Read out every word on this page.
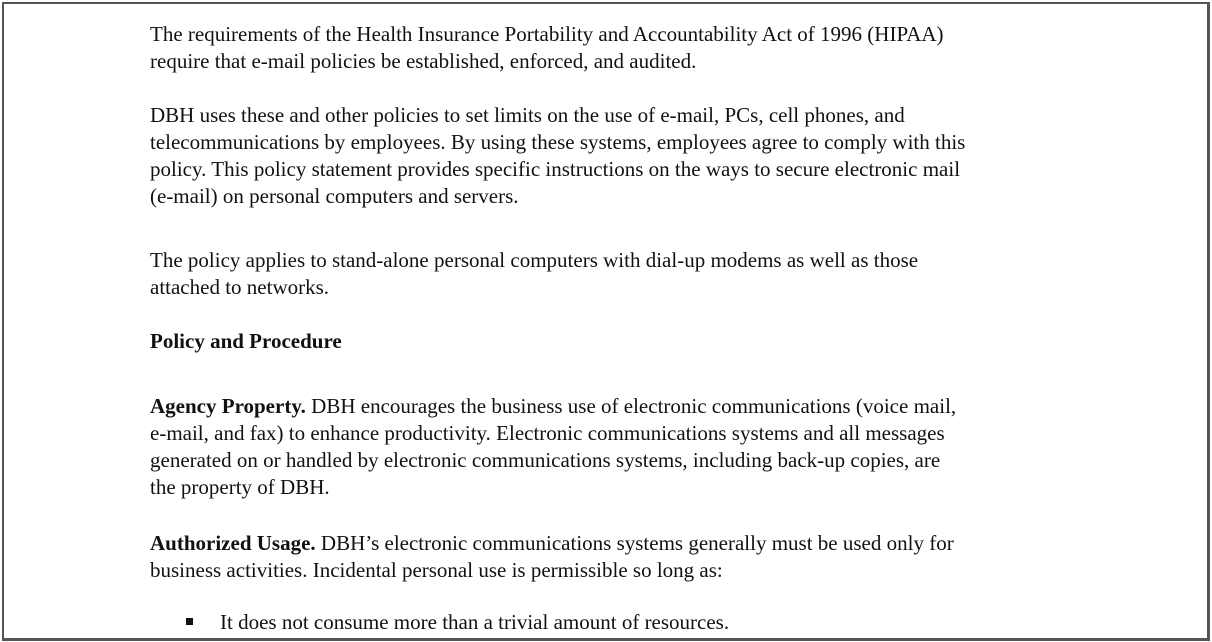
The requirements of the Health Insurance Portability and Accountability Act of 1996 (HIPAA)
require that e-mail policies be established, enforced, and audited.

DBH uses these and other policies to set limits on the use of e-mail, PCs, cell phones, and
telecommunications by employees. By using these systems, employees agree to comply with this
policy. This policy statement provides specific instructions on the ways to secure electronic mail
(e-mail) on personal computers and servers.

The policy applies to stand-alone personal computers with dial-up modems as well as those
attached to networks.

Policy and Procedure

Agency Property. DBH encourages the business use of electronic communications (voice mail,
e-mail, and fax) to enhance productivity. Electronic communications systems and all messages
generated on or handled by electronic communications systems, including back-up copies, are
the property of DBH.

Authorized Usage. DBH’s electronic communications systems generally must be used only for
business activities. Incidental personal use is permissible so long as:

It does not consume more than a trivial amount of resources.
